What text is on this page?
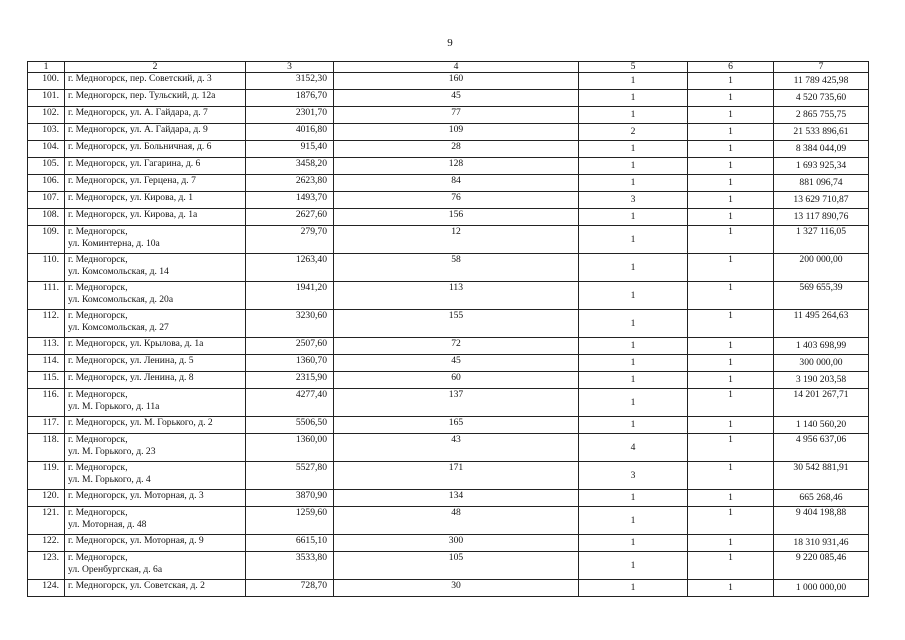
9
1	2	3	4	5	6	7
100.	г. Медногорск, пер. Советский, д. 3	3152,30	160	1	1	11 789 425,98
101.	г. Медногорск, пер. Тульский, д. 12а	1876,70	45	1	1	4 520 735,60
102.	г. Медногорск, ул. А. Гайдара, д. 7	2301,70	77	1	1	2 865 755,75
103.	г. Медногорск, ул. А. Гайдара, д. 9	4016,80	109	2	1	21 533 896,61
104.	г. Медногорск, ул. Больничная, д. 6	915,40	28	1	1	8 384 044,09
105.	г. Медногорск, ул. Гагарина, д. 6	3458,20	128	1	1	1 693 925,34
106.	г. Медногорск, ул. Герцена, д. 7	2623,80	84	1	1	881 096,74
107.	г. Медногорск, ул. Кирова, д. 1	1493,70	76	3	1	13 629 710,87
108.	г. Медногорск, ул. Кирова, д. 1а	2627,60	156	1	1	13 117 890,76
109.	г. Медногорск,
ул. Коминтерна, д. 10а	279,70	12	1	1	1 327 116,05
110.	г. Медногорск,
ул. Комсомольская, д. 14	1263,40	58	1	1	200 000,00
111.	г. Медногорск,
ул. Комсомольская, д. 20а	1941,20	113	1	1	569 655,39
112.	г. Медногорск,
ул. Комсомольская, д. 27	3230,60	155	1	1	11 495 264,63
113.	г. Медногорск, ул. Крылова, д. 1а	2507,60	72	1	1	1 403 698,99
114.	г. Медногорск, ул. Ленина, д. 5	1360,70	45	1	1	300 000,00
115.	г. Медногорск, ул. Ленина, д. 8	2315,90	60	1	1	3 190 203,58
116.	г. Медногорск,
ул. М. Горького, д. 11а	4277,40	137	1	1	14 201 267,71
117.	г. Медногорск, ул. М. Горького, д. 2	5506,50	165	1	1	1 140 560,20
118.	г. Медногорск,
ул. М. Горького, д. 23	1360,00	43	4	1	4 956 637,06
119.	г. Медногорск,
ул. М. Горького, д. 4	5527,80	171	3	1	30 542 881,91
120.	г. Медногорск, ул. Моторная, д. 3	3870,90	134	1	1	665 268,46
121.	г. Медногорск,
ул. Моторная, д. 48	1259,60	48	1	1	9 404 198,88
122.	г. Медногорск, ул. Моторная, д. 9	6615,10	300	1	1	18 310 931,46
123.	г. Медногорск,
ул. Оренбургская, д. 6а	3533,80	105	1	1	9 220 085,46
124.	г. Медногорск, ул. Советская, д. 2	728,70	30	1	1	1 000 000,00
